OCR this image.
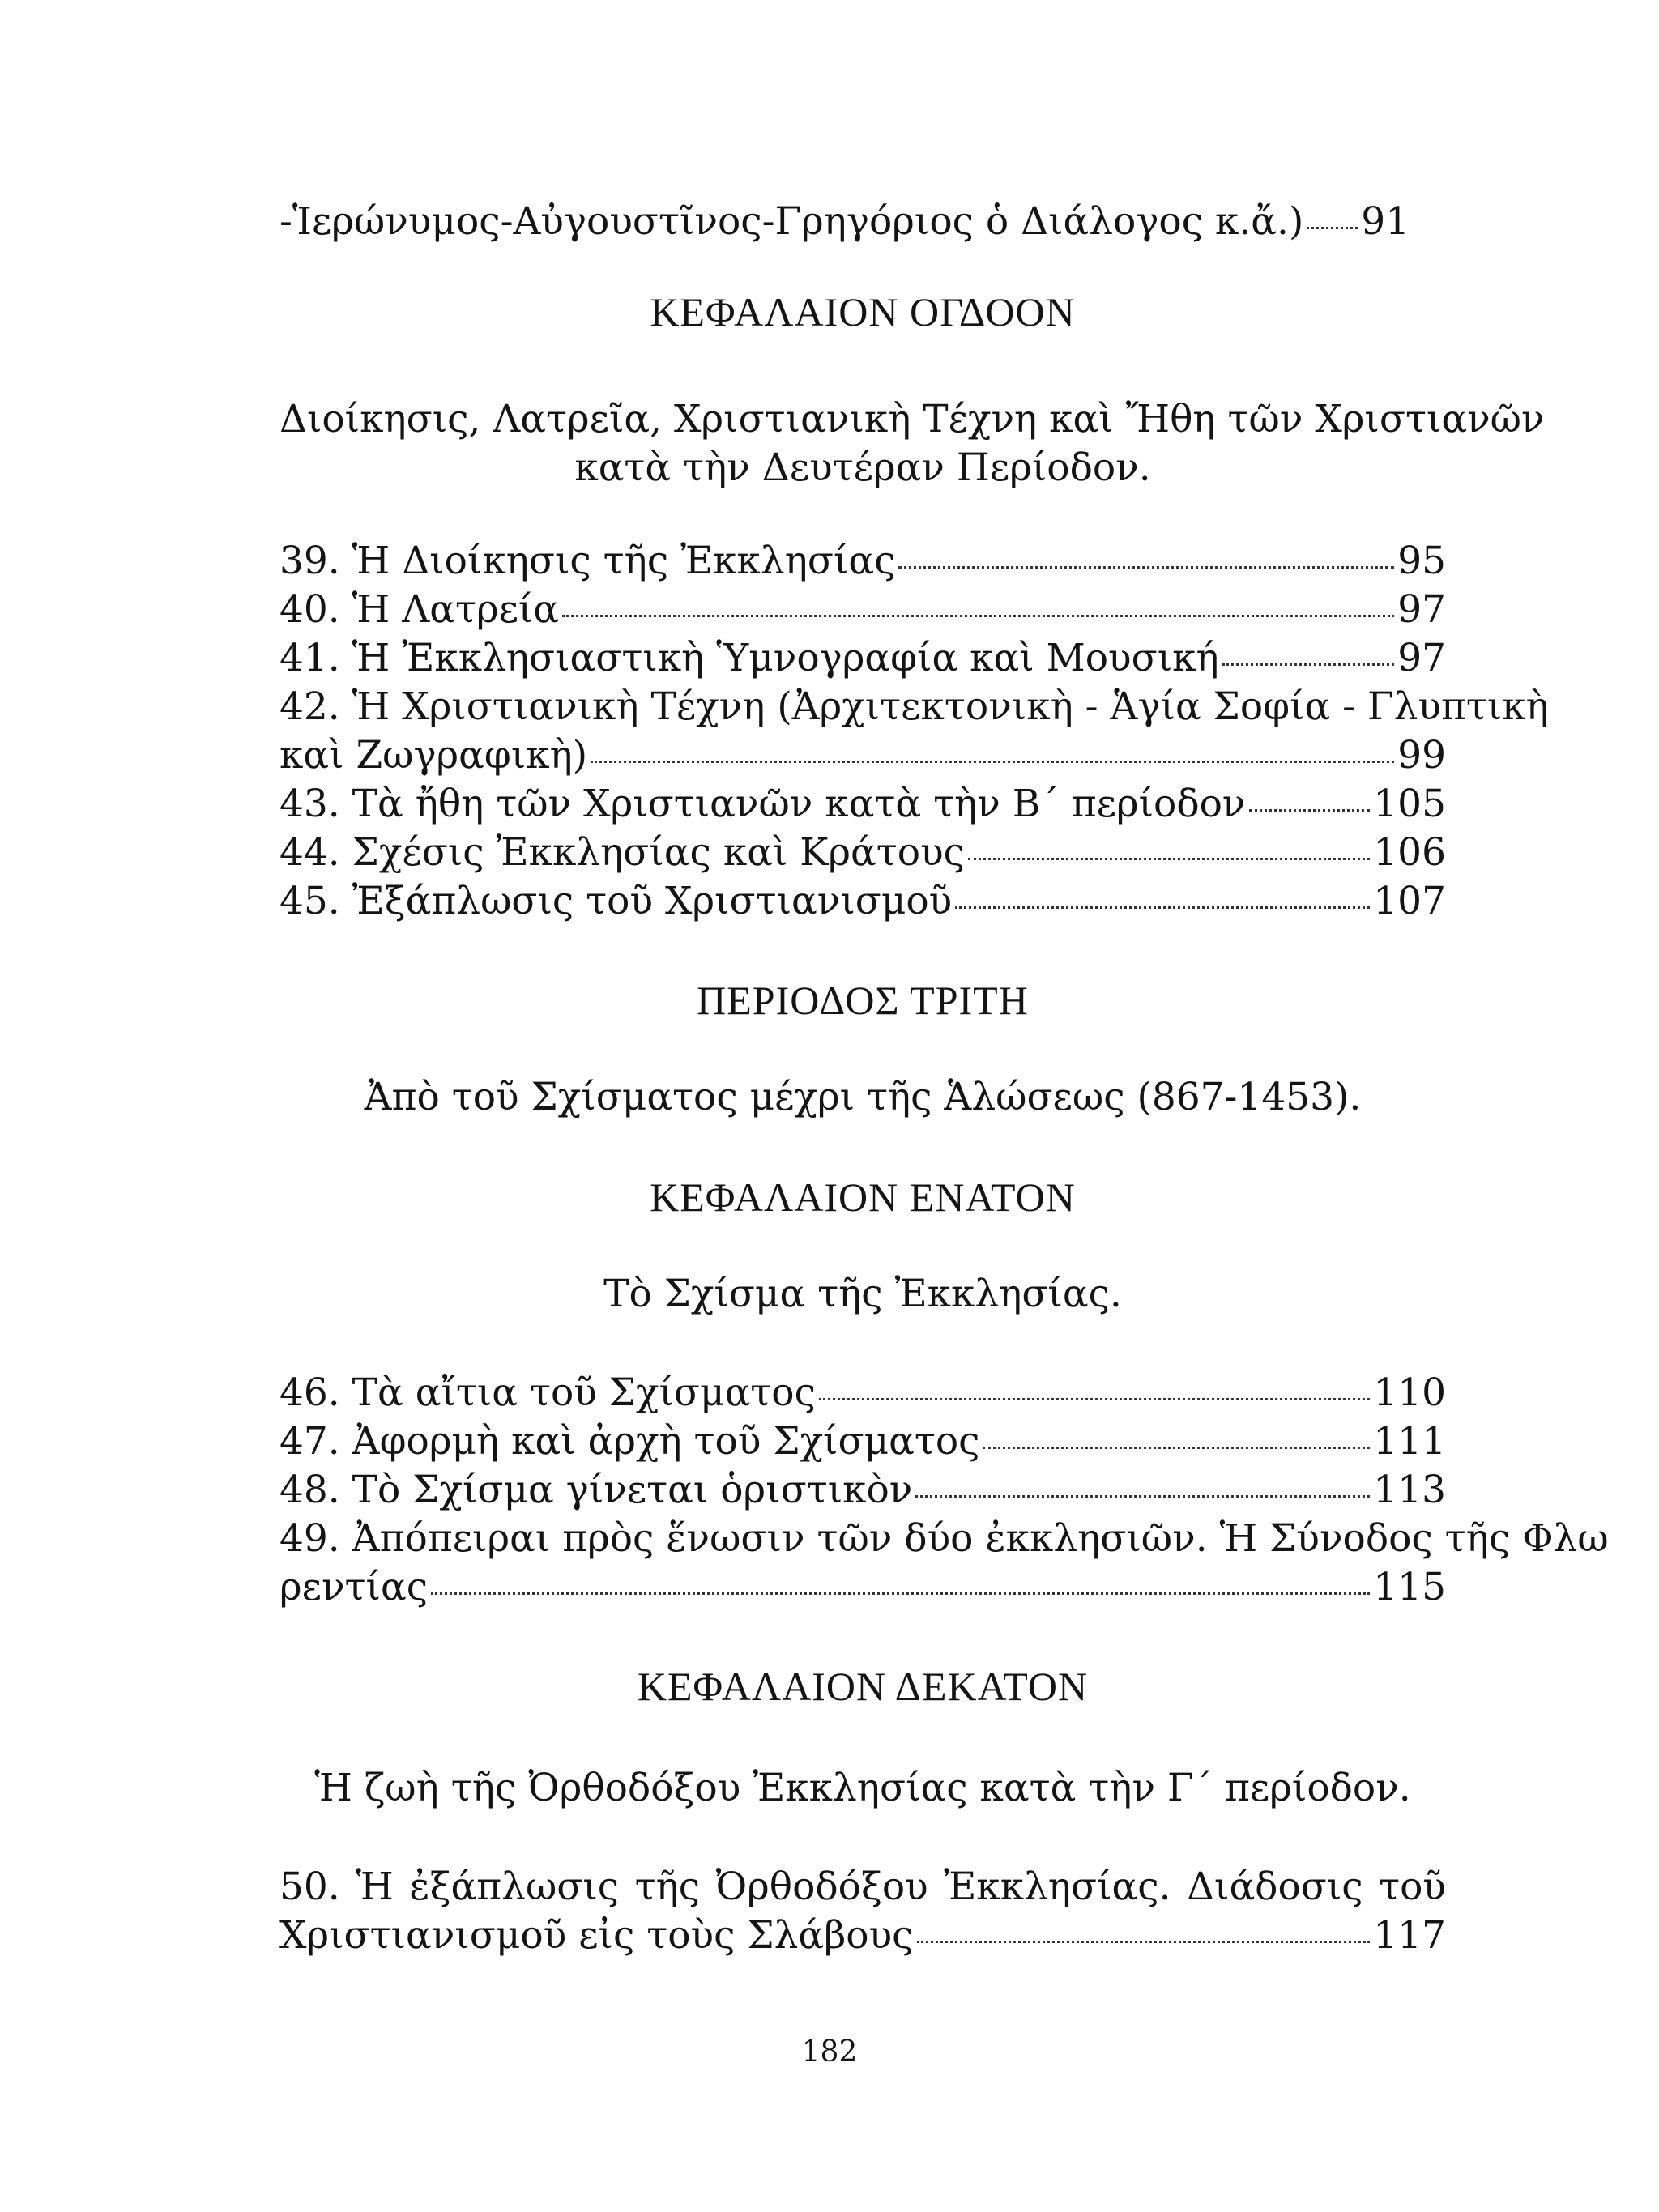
-Ἱερώνυμος-Αὐγουστῖνος-Γρηγόριος ὁ Διάλογος κ.ἄ.) 91
ΚΕΦΑΛΑΙΟΝ ΟΓΔΟΟΝ
Διοίκησις, Λατρεῖα, Χριστιανικὴ Τέχνη καὶ Ἤθη τῶν Χριστιανῶν
κατὰ τὴν Δευτέραν Περίοδον.
39. Ἡ Διοίκησις τῆς Ἐκκλησίας	95
40. Ἡ Λατρεία	97
41. Ἡ Ἐκκλησιαστικὴ Ὑμνογραφία καὶ Μουσική	97
42. Ἡ Χριστιανικὴ Τέχνη (Ἀρχιτεκτονικὴ - Ἁγία Σοφία - Γλυπτικὴ
καὶ Ζωγραφικὴ)	99
43. Τὰ ἤθη τῶν Χριστιανῶν κατὰ τὴν Β΄ περίοδον	105
44. Σχέσις Ἐκκλησίας καὶ Κράτους	106
45. Ἐξάπλωσις τοῦ Χριστιανισμοῦ	107
ΠΕΡΙΟΔΟΣ ΤΡΙΤΗ
Ἀπὸ τοῦ Σχίσματος μέχρι τῆς Ἁλώσεως (867-1453).
ΚΕΦΑΛΑΙΟΝ ΕΝΑΤΟΝ
Τὸ Σχίσμα τῆς Ἐκκλησίας.
46. Τὰ αἴτια τοῦ Σχίσματος	110
47. Ἀφορμὴ καὶ ἀρχὴ τοῦ Σχίσματος	111
48. Τὸ Σχίσμα γίνεται ὁριστικὸν	113
49. Ἀπόπειραι πρὸς ἕνωσιν τῶν δύο ἐκκλησιῶν. Ἡ Σύνοδος τῆς Φλω
ρεντίας	115
ΚΕΦΑΛΑΙΟΝ ΔΕΚΑΤΟΝ
Ἡ ζωὴ τῆς Ὀρθοδόξου Ἐκκλησίας κατὰ τὴν Γ΄ περίοδον.
50. Ἡ ἐξάπλωσις τῆς Ὀρθοδόξου Ἐκκλησίας. Διάδοσις τοῦ
Χριστιανισμοῦ εἰς τοὺς Σλάβους	117
182
